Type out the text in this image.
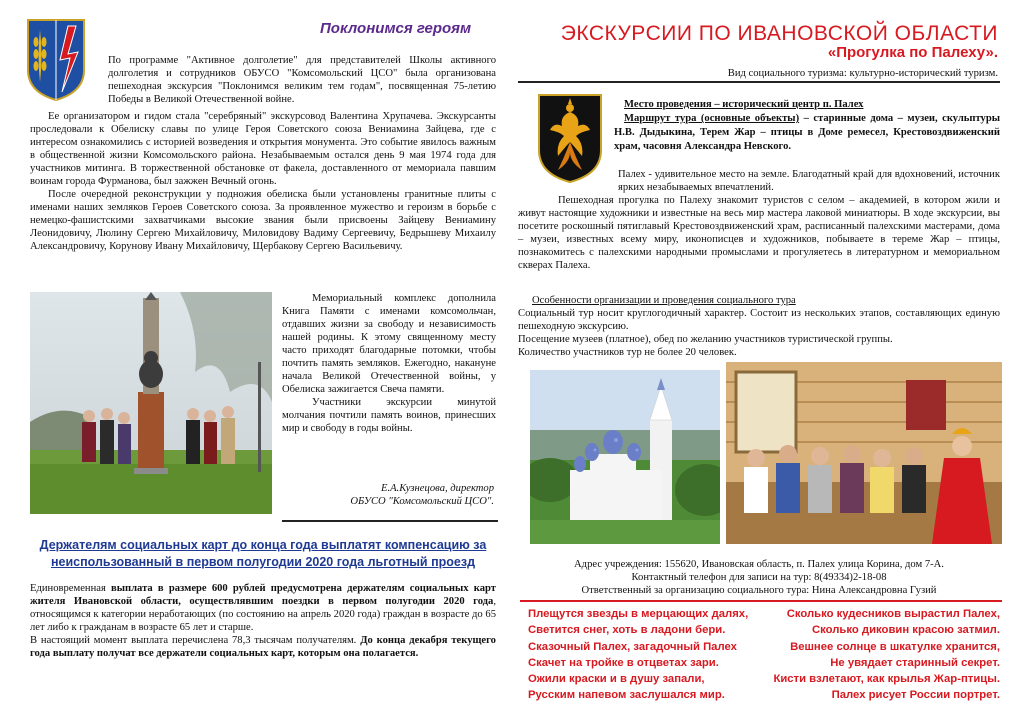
Поклонимся героям

По программе "Активное долголетие" для представителей Школы активного долголетия и сотрудников ОБУСО "Комсомольский ЦСО" была организована пешеходная экскурсия "Поклонимся великим тем годам", посвященная 75-летию Победы в Великой Отечественной войне.

Ее организатором и гидом стала "серебряный" экскурсовод Валентина Хрупачева. Экскурсанты проследовали к Обелиску славы по улице Героя Советского союза Вениамина Зайцева, где с интересом ознакомились с историей возведения и открытия монумента. Это событие явилось важным в общественной жизни Комсомольского района. Незабываемым остался день 9 мая 1974 года для участников митинга. В торжественной обстановке от факела, доставленного от мемориала павшим воинам города Фурманова, был зажжен Вечный огонь.

После очередной реконструкции у подножия обелиска были установлены гранитные плиты с именами наших земляков Героев Советского союза. За проявленное мужество и героизм в борьбе с немецко-фашистскими захватчиками высокие звания были присвоены Зайцеву Вениамину Леонидовичу, Люлину Сергею Михайловичу, Миловидову Вадиму Сергеевичу, Бедрышеву Михаилу Александровичу, Корунову Ивану Михайловичу, Щербакову Сергею Васильевичу.

Мемориальный комплекс дополнила Книга Памяти с именами комсомольчан, отдавших жизни за свободу и независимость нашей родины. К этому священному месту часто приходят благодарные потомки, чтобы почтить память земляков. Ежегодно, накануне начала Великой Отечественной войны, у Обелиска зажигается Свеча памяти.

Участники экскурсии минутой молчания почтили память воинов, принесших мир и свободу в годы войны.

Е.А.Кузнецова, директор
ОБУСО "Комсомольский ЦСО".
Держателям социальных карт до конца года выплатят компенсацию за неиспользованный в первом полугодии 2020 года льготный проезд

Единовременная выплата в размере 600 рублей предусмотрена держателям социальных карт жителя Ивановской области, осуществлявшим поездки в первом полугодии 2020 года, относящимся к категории неработающих (по состоянию на апрель 2020 года) граждан в возрасте до 65 лет либо к гражданам в возрасте 65 лет и старше.

В настоящий момент выплата перечислена 78,3 тысячам получателям. До конца декабря текущего года выплату получат все держатели социальных карт, которым она полагается.

ЭКСКУРСИИ ПО ИВАНОВСКОЙ ОБЛАСТИ
«Прогулка по Палеху».
Вид социального туризма: культурно-исторический туризм.

Место проведения – исторический центр п. Палех

Маршрут тура (основные объекты) – старинные дома – музеи, скульптуры Н.В. Дыдыкина, Терем Жар – птицы в Доме ремесел, Крестовоздвиженский храм, часовня Александра Невского.

Палех - удивительное место на земле. Благодатный край для вдохновений, источник ярких незабываемых впечатлений.

Пешеходная прогулка по Палеху знакомит туристов с селом – академией, в котором жили и живут настоящие художники и известные на весь мир мастера лаковой миниатюры. В ходе экскурсии, вы посетите роскошный пятиглавый Крестовоздвиженский храм, расписанный палехскими мастерами, дома – музеи, известных всему миру, иконописцев и художников, побываете в тереме Жар – птицы, познакомитесь с палехскими народными промыслами и прогуляетесь в литературном и мемориальном скверах Палеха.

Особенности организации и проведения социального тура

Социальный тур носит круглогодичный характер. Состоит из нескольких этапов, составляющих единую пешеходную экскурсию.

Посещение музеев (платное), обед по желанию участников туристической группы.

Количество участников тур не более 20 человек.

Адрес учреждения: 155620, Ивановская область, п. Палех улица Корина, дом 7-А.
Контактный телефон для записи на тур: 8(49334)2-18-08
Ответственный за организацию социального тура: Нина Александровна Гузий
Плещутся звезды в мерцающих далях,	Сколько кудесников вырастил Палех,
Светится снег, хоть в ладони бери.	Сколько диковин красою затмил.
Сказочный Палех, загадочный Палех	Вешнее солнце в шкатулке хранится,
Скачет на тройке в отцветах зари.	Не увядает старинный секрет.
Ожили краски и в душу запали,	Кисти взлетают, как крылья Жар-птицы.
Русским напевом заслушался мир.	Палех рисует России портрет.
